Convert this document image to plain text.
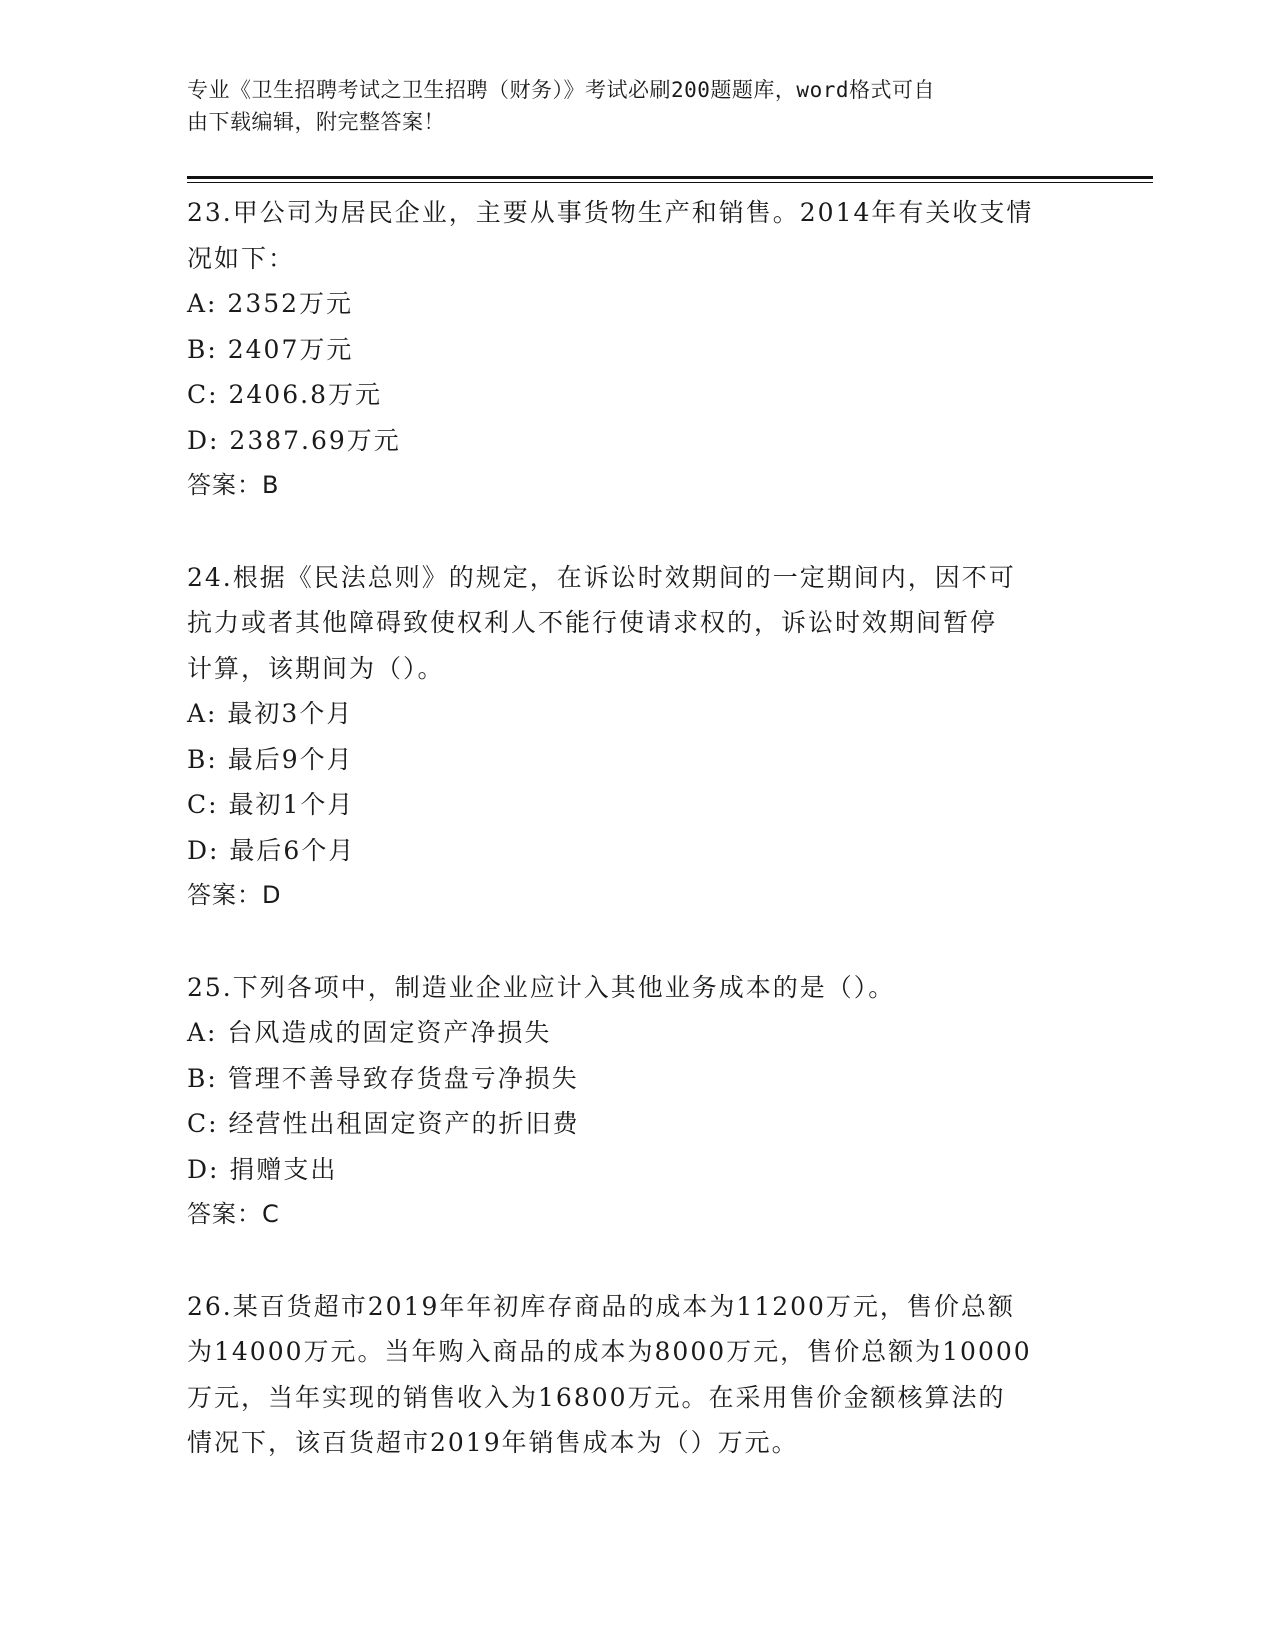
专业《卫生招聘考试之卫生招聘（财务）》考试必刷200题题库，word格式可自
由下载编辑，附完整答案！
23.甲公司为居民企业，主要从事货物生产和销售。2014年有关收支情
况如下：
A: 2352万元
B: 2407万元
C: 2406.8万元
D: 2387.69万元
答案：B
24.根据《民法总则》的规定，在诉讼时效期间的一定期间内，因不可
抗力或者其他障碍致使权利人不能行使请求权的，诉讼时效期间暂停
计算，该期间为（）。
A: 最初3个月
B: 最后9个月
C: 最初1个月
D: 最后6个月
答案：D
25.下列各项中，制造业企业应计入其他业务成本的是（）。
A: 台风造成的固定资产净损失
B: 管理不善导致存货盘亏净损失
C: 经营性出租固定资产的折旧费
D: 捐赠支出
答案：C
26.某百货超市2019年年初库存商品的成本为11200万元，售价总额
为14000万元。当年购入商品的成本为8000万元，售价总额为10000
万元，当年实现的销售收入为16800万元。在采用售价金额核算法的
情况下，该百货超市2019年销售成本为（）万元。
